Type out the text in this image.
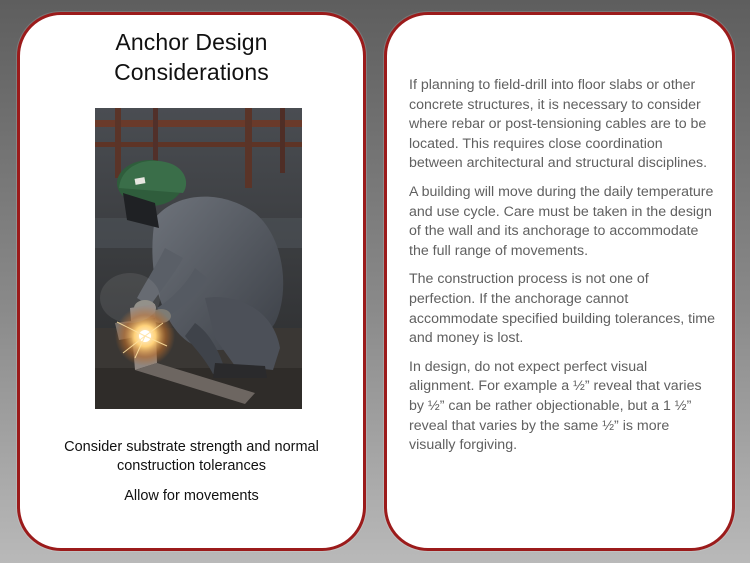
Anchor Design
Considerations
Consider substrate strength and normal construction tolerances
Allow for movements

If planning to field-drill into floor slabs or other concrete structures, it is necessary to consider where rebar or post-tensioning cables are to be located. This requires close coordination between architectural and structural disciplines.

A building will move during the daily temperature and use cycle. Care must be taken in the design of the wall and its anchorage to accommodate the full range of movements.

The construction process is not one of perfection. If the anchorage cannot accommodate specified building tolerances, time and money is lost.

In design, do not expect perfect visual alignment. For example a ½” reveal that varies by ½” can be rather objectionable, but a 1 ½” reveal that varies by the same ½” is more visually forgiving.
